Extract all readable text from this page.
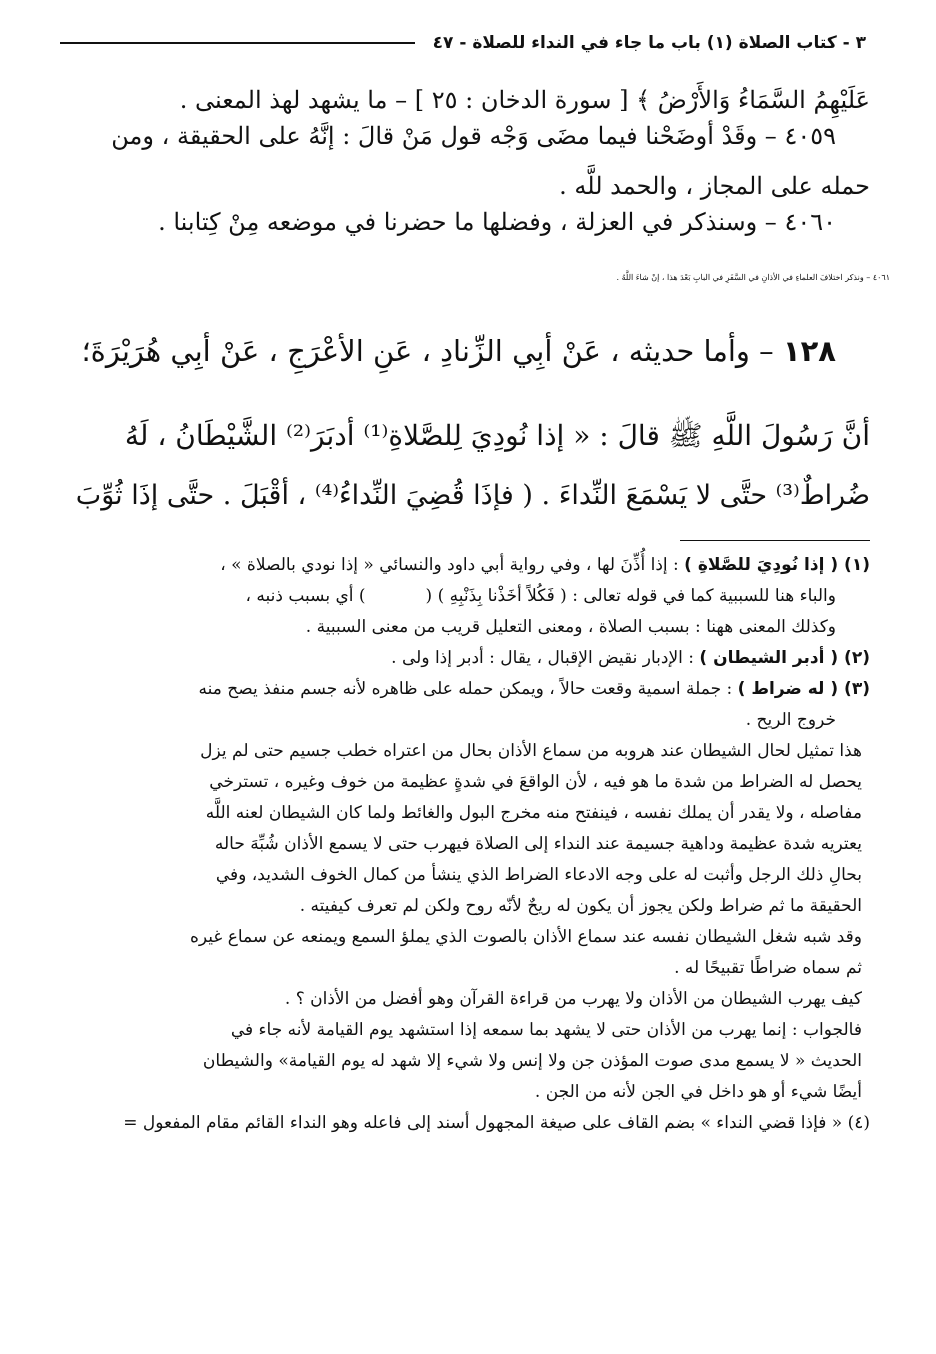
٣ - كتاب الصلاة (١) باب ما جاء في النداء للصلاة - ٤٧

عَلَيْهِمُ السَّمَاءُ وَالأَرْضُ ﴾ [ سورة الدخان : ٢٥ ] – ما يشهد لهذ المعنى .

٤٠٥٩ – وقَدْ أوضَحْنا فيما مضَى وَجْه قول مَنْ قالَ : إنَّهُ على الحقيقة ، ومن

حمله على المجاز ، والحمد للَّه .

٤٠٦٠ – وسنذكر في العزلة ، وفضلها ما حضرنا في موضعه مِنْ كِتابنا .

٤٠٦١ – ونذكر اختلافَ العلماءِ في الأذانِ في السَّفَرِ في البابِ بَعْدَ هذا ، إنْ شاءَ اللَّهُ .

١٢٨ – وأما حديثه ، عَنْ أبِي الزِّنادِ ، عَنِ الأعْرَجِ ، عَنْ أبِي هُرَيْرَةَ؛

أنَّ رَسُولَ اللَّهِ ﷺ قالَ : « إذا نُودِيَ لِلصَّلاةِ⁽¹⁾ أدبَرَ⁽²⁾ الشَّيْطَانُ ، لَهُ

ضُراطٌ⁽³⁾ حتَّى لا يَسْمَعَ النِّداءَ . ( فإذَا قُضِيَ النِّداءُ⁽⁴⁾ ، أقْبَلَ . حتَّى إذَا ثُوِّبَ

(١) ( إذا نُودِيَ للصَّلاةِ ) : إذا أُذِّنَ لها ، وفي رواية أبي داود والنسائي « إذا نودي بالصلاة » ،

والباء هنا للسببية كما في قوله تعالى : ( فَكُلاً أخَذْنا بِذَنْبِهِ ) () أي بسبب ذنبه ،

وكذلك المعنى ههنا : بسبب الصلاة ، ومعنى التعليل قريب من معنى السببية .

(٢) ( أدبر الشيطان ) : الإدبار نقيض الإقبال ، يقال : أدبر إذا ولى .

(٣) ( له ضراط ) : جملة اسمية وقعت حالاً ، ويمكن حمله على ظاهره لأنه جسم منفذ يصح منه

خروج الريح .

هذا تمثيل لحال الشيطان عند هروبه من سماع الأذان بحال من اعتراه خطب جسيم حتى لم يزل

يحصل له الضراط من شدة ما هو فيه ، لأن الواقعَ في شدةٍ عظيمة من خوف وغيره ، تسترخي

مفاصله ، ولا يقدر أن يملك نفسه ، فينفتح منه مخرج البول والغائط ولما كان الشيطان لعنه اللَّه

يعتريه شدة عظيمة وداهية جسيمة عند النداء إلى الصلاة فيهرب حتى لا يسمع الأذان شُبِّهَ حاله

بحالِ ذلك الرجل وأثبت له على وجه الادعاء الضراط الذي ينشأ من كمال الخوف الشديد، وفي

الحقيقة ما ثم ضراط ولكن يجوز أن يكون له ريحٌ لأنّه روح ولكن لم تعرف كيفيته .

وقد شبه شغل الشيطان نفسه عند سماع الأذان بالصوت الذي يملؤ السمع ويمنعه عن سماع غيره

ثم سماه ضراطًا تقبيحًا له .

كيف يهرب الشيطان من الأذان ولا يهرب من قراءة القرآن وهو أفضل من الأذان ؟ .

فالجواب : إنما يهرب من الأذان حتى لا يشهد بما سمعه إذا استشهد يوم القيامة لأنه جاء في

الحديث « لا يسمع مدى صوت المؤذن جن ولا إنس ولا شيء إلا شهد له يوم القيامة» والشيطان

أيضًا شيء أو هو داخل في الجن لأنه من الجن .

(٤) « فإذا قضي النداء » بضم القاف على صيغة المجهول أسند إلى فاعله وهو النداء القائم مقام المفعول =
